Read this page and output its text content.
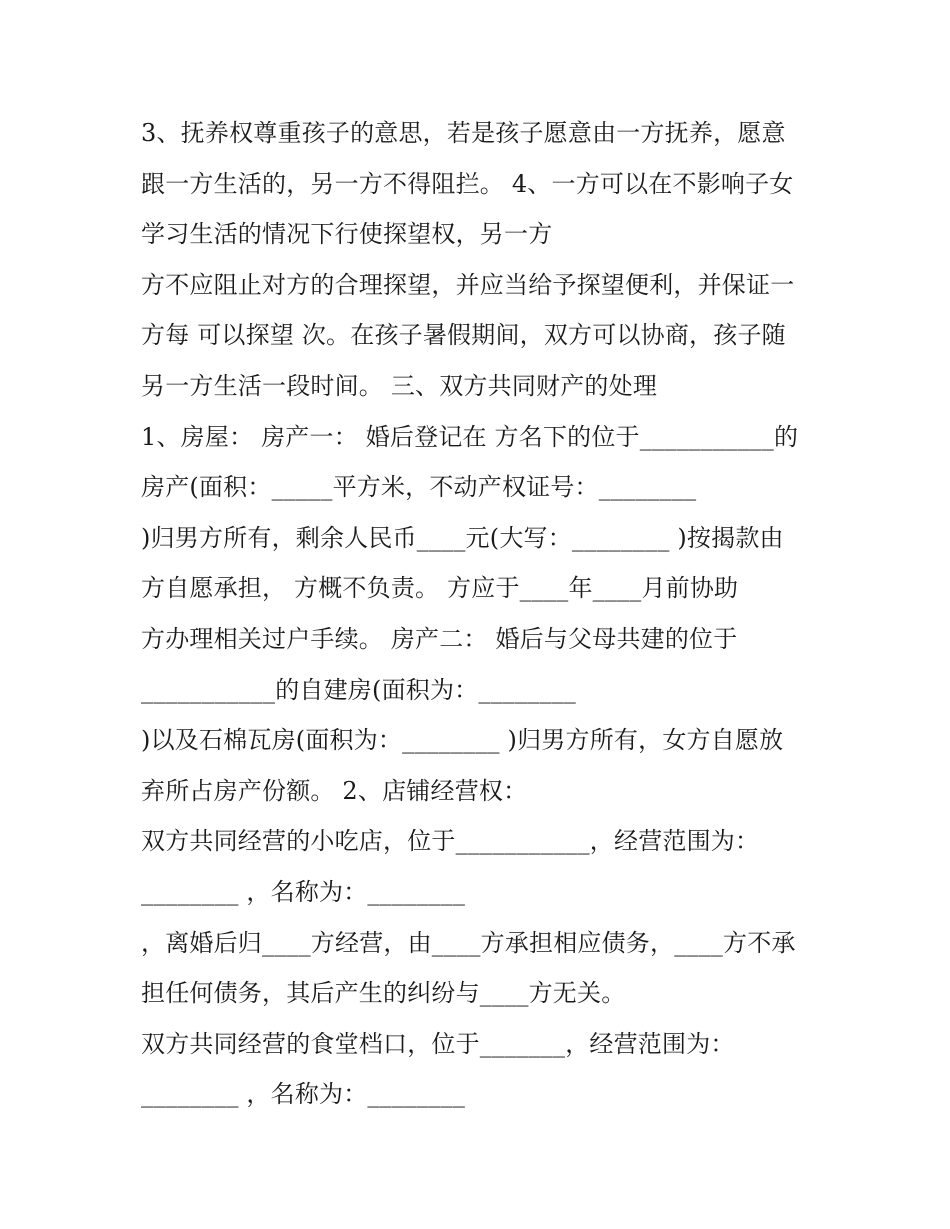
3、抚养权尊重孩子的意思，若是孩子愿意由一方抚养，愿意
跟一方生活的，另一方不得阻拦。 4、一方可以在不影响子女
学习生活的情况下行使探望权，另一方
方不应阻止对方的合理探望，并应当给予探望便利，并保证一
方每 可以探望 次。在孩子暑假期间，双方可以协商，孩子随
另一方生活一段时间。 三、双方共同财产的处理
1、房屋： 房产一： 婚后登记在 方名下的位于___________的
房产(面积：_____平方米，不动产权证号：________
)归男方所有，剩余人民币____元(大写：________ )按揭款由
方自愿承担， 方概不负责。 方应于____年____月前协助
方办理相关过户手续。 房产二： 婚后与父母共建的位于
___________的自建房(面积为：________
)以及石棉瓦房(面积为：________ )归男方所有，女方自愿放
弃所占房产份额。 2、店铺经营权：
双方共同经营的小吃店，位于___________，经营范围为：
________ ，名称为：________
，离婚后归____方经营，由____方承担相应债务，____方不承
担任何债务，其后产生的纠纷与____方无关。
双方共同经营的食堂档口，位于_______，经营范围为：
________ ，名称为：________
